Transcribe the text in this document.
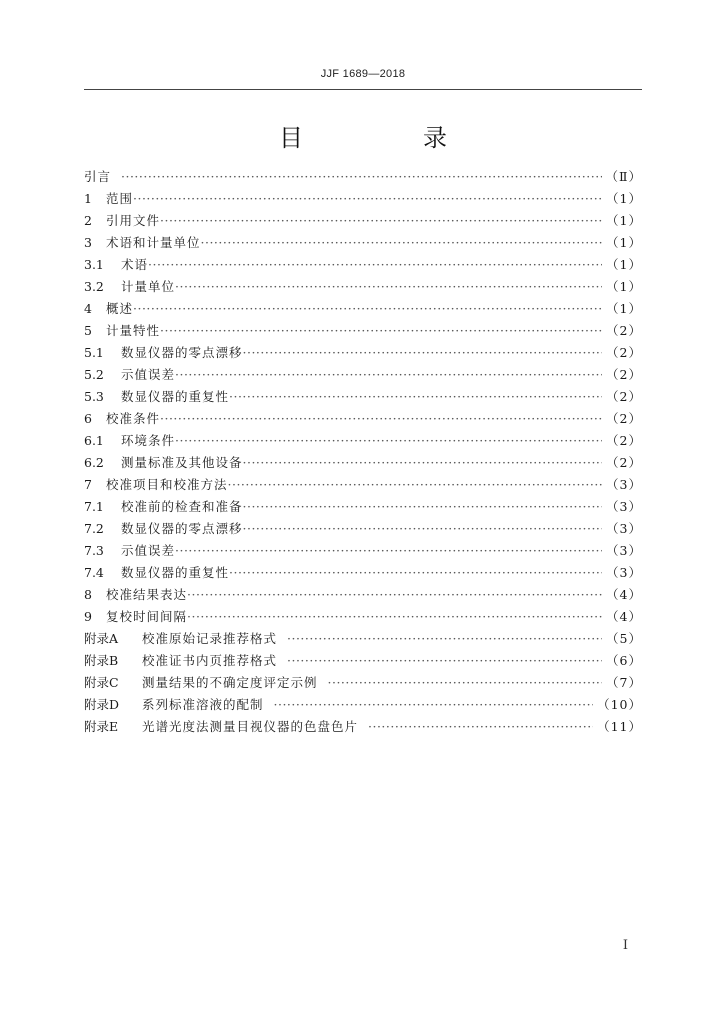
JJF 1689—2018
目　录
引言 ·····	（Ⅱ）
1	范围 ·····	（1）
2	引用文件 ·····	（1）
3	术语和计量单位 ·····	（1）
3.1	术语 ·····	（1）
3.2	计量单位 ·····	（1）
4	概述 ·····	（1）
5	计量特性 ·····	（2）
5.1	数显仪器的零点漂移 ·····	（2）
5.2	示值误差 ·····	（2）
5.3	数显仪器的重复性 ·····	（2）
6	校准条件 ·····	（2）
6.1	环境条件 ·····	（2）
6.2	测量标准及其他设备 ·····	（2）
7	校准项目和校准方法 ·····	（3）
7.1	校准前的检查和准备 ·····	（3）
7.2	数显仪器的零点漂移 ·····	（3）
7.3	示值误差 ·····	（3）
7.4	数显仪器的重复性 ·····	（3）
8	校准结果表达 ·····	（4）
9	复校时间间隔 ·····	（4）
附录A	校准原始记录推荐格式 ·····	（5）
附录B	校准证书内页推荐格式 ·····	（6）
附录C	测量结果的不确定度评定示例 ·····	（7）
附录D	系列标准溶液的配制 ·····	（10）
附录E	光谱光度法测量目视仪器的色盘色片 ·····	（11）
Ⅰ
